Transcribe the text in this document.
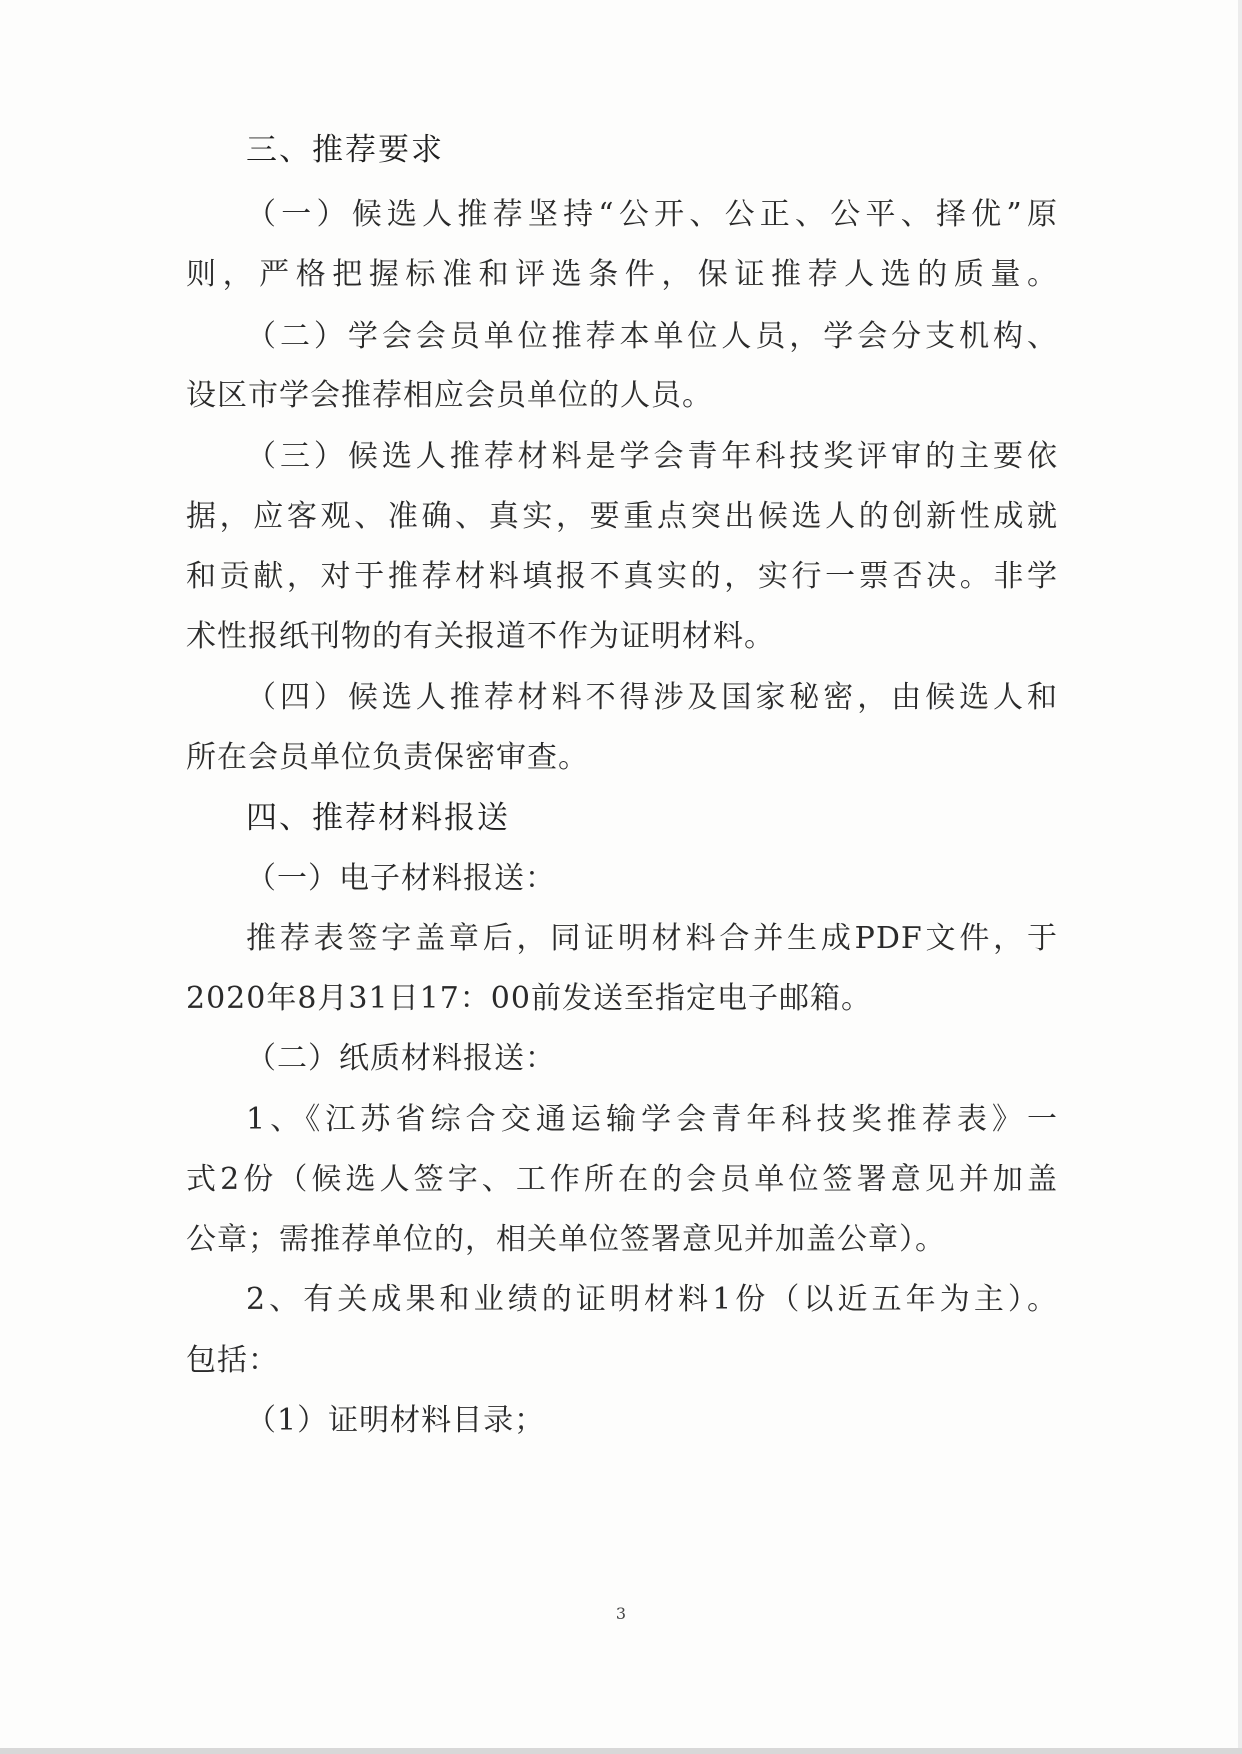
三、推荐要求
（一）候选人推荐坚持“公开、公正、公平、择优”原
则，严格把握标准和评选条件，保证推荐人选的质量。
（二）学会会员单位推荐本单位人员，学会分支机构、
设区市学会推荐相应会员单位的人员。
（三）候选人推荐材料是学会青年科技奖评审的主要依
据，应客观、准确、真实，要重点突出候选人的创新性成就
和贡献，对于推荐材料填报不真实的，实行一票否决。非学
术性报纸刊物的有关报道不作为证明材料。
（四）候选人推荐材料不得涉及国家秘密，由候选人和
所在会员单位负责保密审查。
四、推荐材料报送
（一）电子材料报送：
推荐表签字盖章后，同证明材料合并生成PDF文件，于
2020年8月31日17：00前发送至指定电子邮箱。
（二）纸质材料报送：
1、《江苏省综合交通运输学会青年科技奖推荐表》一
式2份（候选人签字、工作所在的会员单位签署意见并加盖
公章；需推荐单位的，相关单位签署意见并加盖公章）。
2、有关成果和业绩的证明材料1份（以近五年为主）。
包括：
（1）证明材料目录；
3
